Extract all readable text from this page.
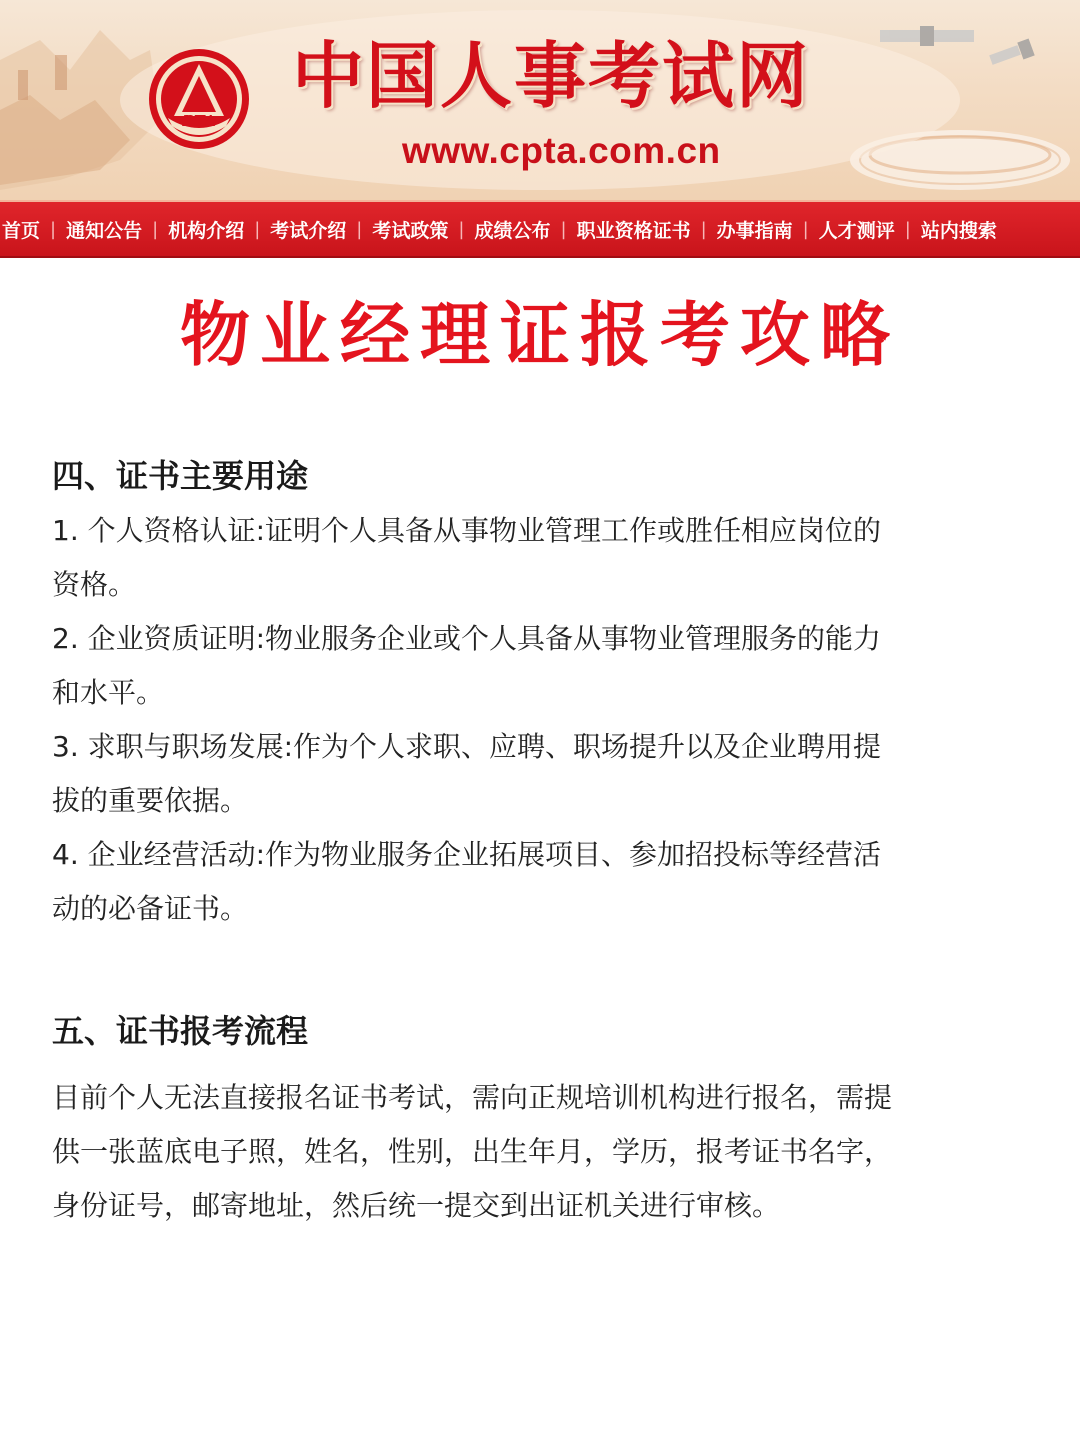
PTA
中国人事考试网
www.cpta.com.cn
首页 | 通知公告 | 机构介绍 | 考试介绍 | 考试政策 | 成绩公布 | 职业资格证书 | 办事指南 | 人才测评 | 站内搜索
物业经理证报考攻略
四、证书主要用途

1. 个人资格认证:证明个人具备从事物业管理工作或胜任相应岗位的

资格。

2. 企业资质证明:物业服务企业或个人具备从事物业管理服务的能力

和水平。

3. 求职与职场发展:作为个人求职、应聘、职场提升以及企业聘用提

拔的重要依据。

4. 企业经营活动:作为物业服务企业拓展项目、参加招投标等经营活

动的必备证书。

五、证书报考流程

目前个人无法直接报名证书考试，需向正规培训机构进行报名，需提

供一张蓝底电子照，姓名，性别，出生年月，学历，报考证书名字，

身份证号，邮寄地址，然后统一提交到出证机关进行审核。
